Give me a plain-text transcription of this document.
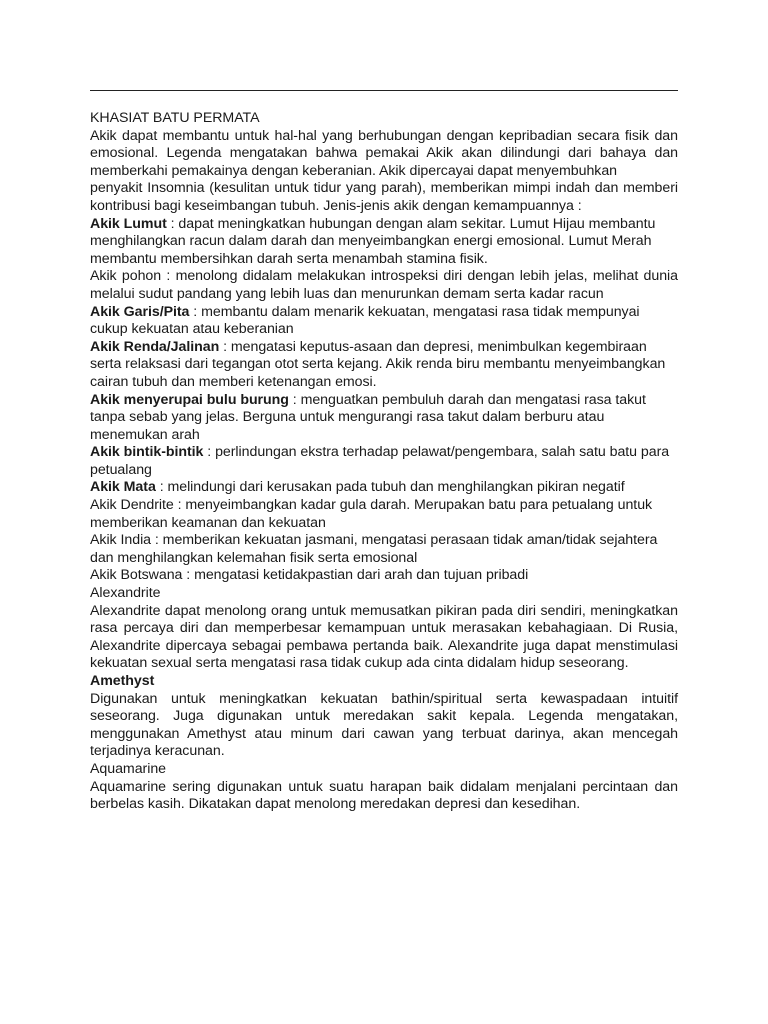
KHASIAT BATU PERMATA

Akik dapat membantu untuk hal-hal yang berhubungan dengan kepribadian secara fisik dan emosional. Legenda mengatakan bahwa pemakai Akik akan dilindungi dari bahaya dan memberkahi pemakainya dengan keberanian. Akik dipercayai dapat menyembuhkan

penyakit Insomnia (kesulitan untuk tidur yang parah), memberikan mimpi indah dan memberi kontribusi bagi keseimbangan tubuh. Jenis-jenis akik dengan kemampuannya :

Akik Lumut : dapat meningkatkan hubungan dengan alam sekitar. Lumut Hijau membantu menghilangkan racun dalam darah dan menyeimbangkan energi emosional. Lumut Merah membantu membersihkan darah serta menambah stamina fisik.

Akik pohon : menolong didalam melakukan introspeksi diri dengan lebih jelas, melihat dunia melalui sudut pandang yang lebih luas dan menurunkan demam serta kadar racun

Akik Garis/Pita : membantu dalam menarik kekuatan, mengatasi rasa tidak mempunyai cukup kekuatan atau keberanian

Akik Renda/Jalinan : mengatasi keputus-asaan dan depresi, menimbulkan kegembiraan serta relaksasi dari tegangan otot serta kejang. Akik renda biru membantu menyeimbangkan cairan tubuh dan memberi ketenangan emosi.

Akik menyerupai bulu burung : menguatkan pembuluh darah dan mengatasi rasa takut tanpa sebab yang jelas. Berguna untuk mengurangi rasa takut dalam berburu atau menemukan arah

Akik bintik-bintik : perlindungan ekstra terhadap pelawat/pengembara, salah satu batu para petualang

Akik Mata : melindungi dari kerusakan pada tubuh dan menghilangkan pikiran negatif

Akik Dendrite : menyeimbangkan kadar gula darah. Merupakan batu para petualang untuk memberikan keamanan dan kekuatan

Akik India : memberikan kekuatan jasmani, mengatasi perasaan tidak aman/tidak sejahtera dan menghilangkan kelemahan fisik serta emosional

Akik Botswana : mengatasi ketidakpastian dari arah dan tujuan pribadi

Alexandrite

Alexandrite dapat menolong orang untuk memusatkan pikiran pada diri sendiri, meningkatkan rasa percaya diri dan memperbesar kemampuan untuk merasakan kebahagiaan. Di Rusia, Alexandrite dipercaya sebagai pembawa pertanda baik. Alexandrite juga dapat menstimulasi kekuatan sexual serta mengatasi rasa tidak cukup ada cinta didalam hidup seseorang.

Amethyst

Digunakan untuk meningkatkan kekuatan bathin/spiritual serta kewaspadaan intuitif seseorang. Juga digunakan untuk meredakan sakit kepala. Legenda mengatakan, menggunakan Amethyst atau minum dari cawan yang terbuat darinya, akan mencegah terjadinya keracunan.

Aquamarine

Aquamarine sering digunakan untuk suatu harapan baik didalam menjalani percintaan dan berbelas kasih. Dikatakan dapat menolong meredakan depresi dan kesedihan.
